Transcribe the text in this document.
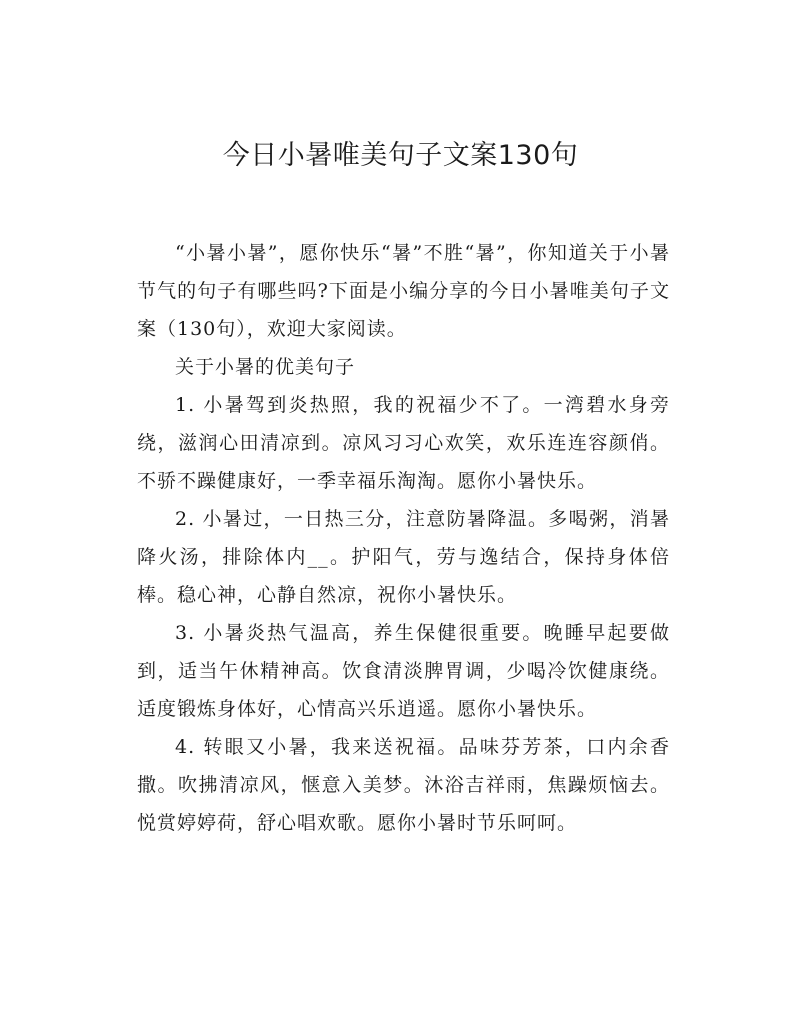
今日小暑唯美句子文案130句

“小暑小暑”，愿你快乐“暑”不胜“暑”，你知道关于小暑节气的句子有哪些吗?下面是小编分享的今日小暑唯美句子文案（130句），欢迎大家阅读。

关于小暑的优美句子

1. 小暑驾到炎热照，我的祝福少不了。一湾碧水身旁绕，滋润心田清凉到。凉风习习心欢笑，欢乐连连容颜俏。不骄不躁健康好，一季幸福乐淘淘。愿你小暑快乐。

2. 小暑过，一日热三分，注意防暑降温。多喝粥，消暑降火汤，排除体内__。护阳气，劳与逸结合，保持身体倍棒。稳心神，心静自然凉，祝你小暑快乐。

3. 小暑炎热气温高，养生保健很重要。晚睡早起要做到，适当午休精神高。饮食清淡脾胃调，少喝冷饮健康绕。适度锻炼身体好，心情高兴乐逍遥。愿你小暑快乐。

4. 转眼又小暑，我来送祝福。品味芬芳茶，口内余香撒。吹拂清凉风，惬意入美梦。沐浴吉祥雨，焦躁烦恼去。悦赏婷婷荷，舒心唱欢歌。愿你小暑时节乐呵呵。
